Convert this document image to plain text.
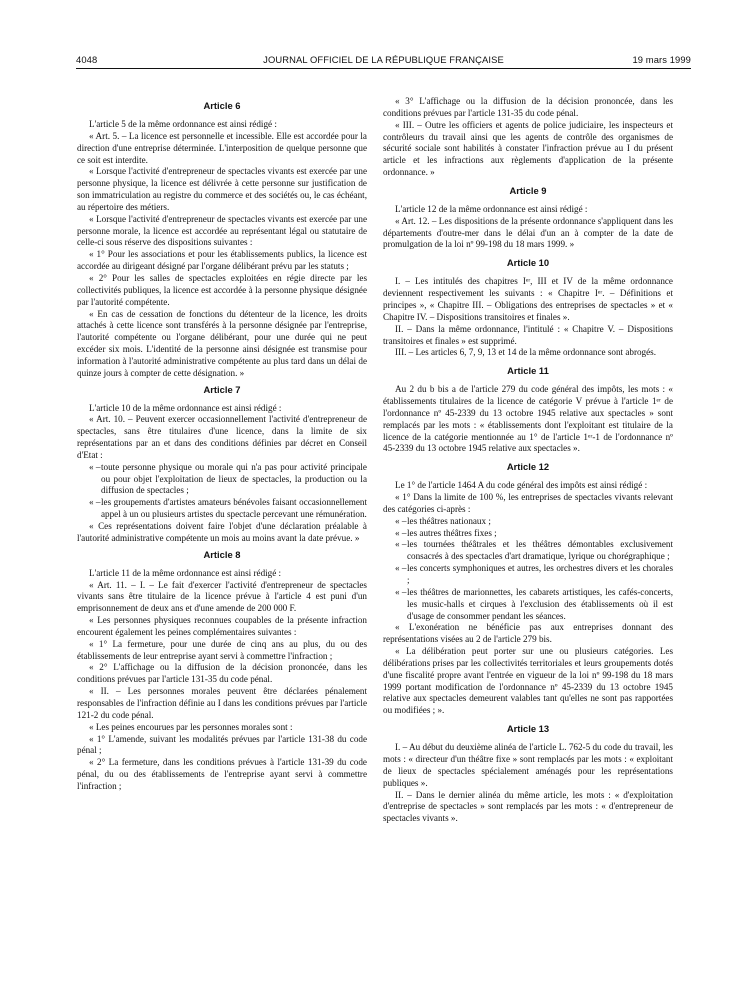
4048	JOURNAL OFFICIEL DE LA RÉPUBLIQUE FRANÇAISE	19 mars 1999
Article 6

L'article 5 de la même ordonnance est ainsi rédigé :

« Art. 5. – La licence est personnelle et incessible. Elle est accordée pour la direction d'une entreprise déterminée. L'interposition de quelque personne que ce soit est interdite.

« Lorsque l'activité d'entrepreneur de spectacles vivants est exercée par une personne physique, la licence est délivrée à cette personne sur justification de son immatriculation au registre du commerce et des sociétés ou, le cas échéant, au répertoire des métiers.

« Lorsque l'activité d'entrepreneur de spectacles vivants est exercée par une personne morale, la licence est accordée au représentant légal ou statutaire de celle-ci sous réserve des dispositions suivantes :

« 1° Pour les associations et pour les établissements publics, la licence est accordée au dirigeant désigné par l'organe délibérant prévu par les statuts ;

« 2° Pour les salles de spectacles exploitées en régie directe par les collectivités publiques, la licence est accordée à la personne physique désignée par l'autorité compétente.

« En cas de cessation de fonctions du détenteur de la licence, les droits attachés à cette licence sont transférés à la personne désignée par l'entreprise, l'autorité compétente ou l'organe délibérant, pour une durée qui ne peut excéder six mois. L'identité de la personne ainsi désignée est transmise pour information à l'autorité administrative compétente au plus tard dans un délai de quinze jours à compter de cette désignation. »

Article 7

L'article 10 de la même ordonnance est ainsi rédigé :

« Art. 10. – Peuvent exercer occasionnellement l'activité d'entrepreneur de spectacles, sans être titulaires d'une licence, dans la limite de six représentations par an et dans des conditions définies par décret en Conseil d'Etat :

« – toute personne physique ou morale qui n'a pas pour activité principale ou pour objet l'exploitation de lieux de spectacles, la production ou la diffusion de spectacles ;

« – les groupements d'artistes amateurs bénévoles faisant occasionnellement appel à un ou plusieurs artistes du spectacle percevant une rémunération.

« Ces représentations doivent faire l'objet d'une déclaration préalable à l'autorité administrative compétente un mois au moins avant la date prévue. »

Article 8

L'article 11 de la même ordonnance est ainsi rédigé :

« Art. 11. – I. – Le fait d'exercer l'activité d'entrepreneur de spectacles vivants sans être titulaire de la licence prévue à l'article 4 est puni d'un emprisonnement de deux ans et d'une amende de 200 000 F.

« Les personnes physiques reconnues coupables de la présente infraction encourent également les peines complémentaires suivantes :

« 1° La fermeture, pour une durée de cinq ans au plus, du ou des établissements de leur entreprise ayant servi à commettre l'infraction ;

« 2° L'affichage ou la diffusion de la décision prononcée, dans les conditions prévues par l'article 131-35 du code pénal.

« II. – Les personnes morales peuvent être déclarées pénalement responsables de l'infraction définie au I dans les conditions prévues par l'article 121-2 du code pénal.

« Les peines encourues par les personnes morales sont :

« 1° L'amende, suivant les modalités prévues par l'article 131-38 du code pénal ;

« 2° La fermeture, dans les conditions prévues à l'article 131-39 du code pénal, du ou des établissements de l'entreprise ayant servi à commettre l'infraction ;

« 3° L'affichage ou la diffusion de la décision prononcée, dans les conditions prévues par l'article 131-35 du code pénal.

« III. – Outre les officiers et agents de police judiciaire, les inspecteurs et contrôleurs du travail ainsi que les agents de contrôle des organismes de sécurité sociale sont habilités à constater l'infraction prévue au I du présent article et les infractions aux règlements d'application de la présente ordonnance. »

Article 9

L'article 12 de la même ordonnance est ainsi rédigé :

« Art. 12. – Les dispositions de la présente ordonnance s'appliquent dans les départements d'outre-mer dans le délai d'un an à compter de la date de promulgation de la loi nº 99-198 du 18 mars 1999. »

Article 10

I. – Les intitulés des chapitres Iᵉʳ, III et IV de la même ordonnance deviennent respectivement les suivants : « Chapitre Iᵉʳ. – Définitions et principes », « Chapitre III. – Obligations des entreprises de spectacles » et « Chapitre IV. – Dispositions transitoires et finales ».

II. – Dans la même ordonnance, l'intitulé : « Chapitre V. – Dispositions transitoires et finales » est supprimé.

III. – Les articles 6, 7, 9, 13 et 14 de la même ordonnance sont abrogés.

Article 11

Au 2 du b bis a de l'article 279 du code général des impôts, les mots : « établissements titulaires de la licence de catégorie V prévue à l'article 1ᵉʳ de l'ordonnance nº 45-2339 du 13 octobre 1945 relative aux spectacles » sont remplacés par les mots : « établissements dont l'exploitant est titulaire de la licence de la catégorie mentionnée au 1° de l'article 1ᵉʳ-1 de l'ordonnance nº 45-2339 du 13 octobre 1945 relative aux spectacles ».

Article 12

Le 1° de l'article 1464 A du code général des impôts est ainsi rédigé :

« 1° Dans la limite de 100 %, les entreprises de spectacles vivants relevant des catégories ci-après :

« – les théâtres nationaux ;

« – les autres théâtres fixes ;

« – les tournées théâtrales et les théâtres démontables exclusivement consacrés à des spectacles d'art dramatique, lyrique ou chorégraphique ;

« – les concerts symphoniques et autres, les orchestres divers et les chorales ;

« – les théâtres de marionnettes, les cabarets artistiques, les cafés-concerts, les music-halls et cirques à l'exclusion des établissements où il est d'usage de consommer pendant les séances.

« L'exonération ne bénéficie pas aux entreprises donnant des représentations visées au 2 de l'article 279 bis.

« La délibération peut porter sur une ou plusieurs catégories. Les délibérations prises par les collectivités territoriales et leurs groupements dotés d'une fiscalité propre avant l'entrée en vigueur de la loi nº 99-198 du 18 mars 1999 portant modification de l'ordonnance nº 45-2339 du 13 octobre 1945 relative aux spectacles demeurent valables tant qu'elles ne sont pas rapportées ou modifiées ; ».

Article 13

I. – Au début du deuxième alinéa de l'article L. 762-5 du code du travail, les mots : « directeur d'un théâtre fixe » sont remplacés par les mots : « exploitant de lieux de spectacles spécialement aménagés pour les représentations publiques ».

II. – Dans le dernier alinéa du même article, les mots : « d'exploitation d'entreprise de spectacles » sont remplacés par les mots : « d'entrepreneur de spectacles vivants ».
